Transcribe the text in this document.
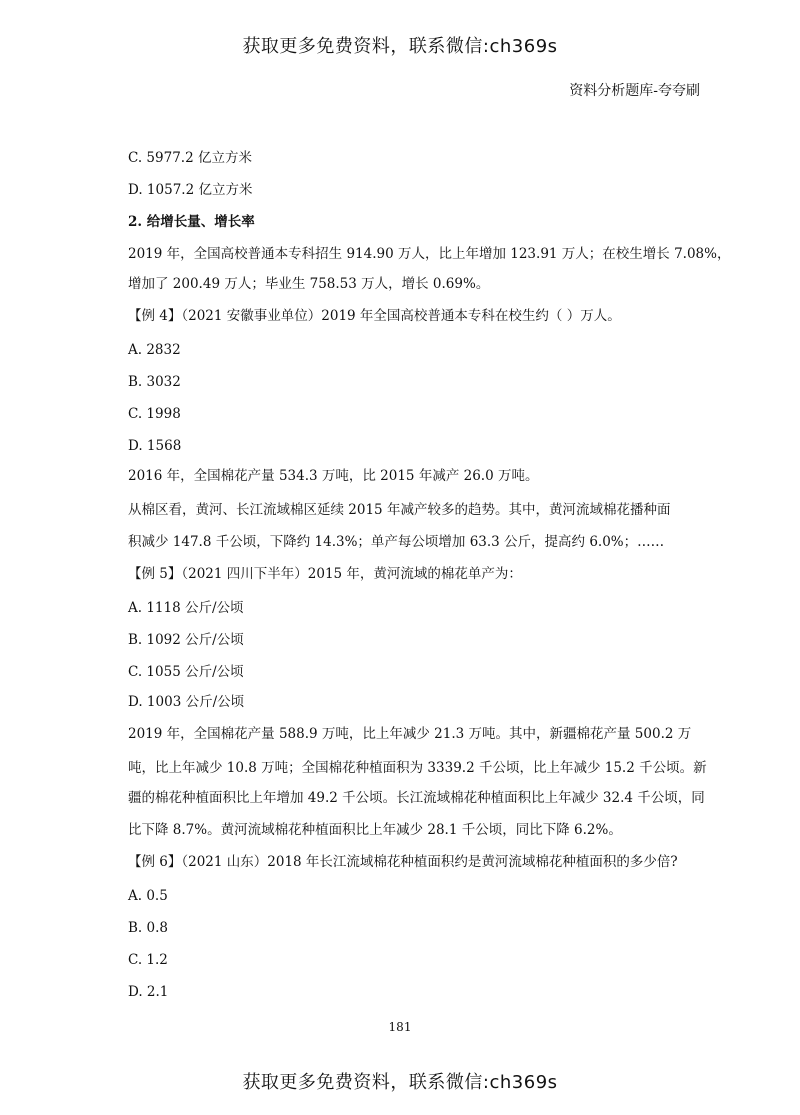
获取更多免费资料，联系微信:ch369s
资料分析题库-夸夸刷
C. 5977.2 亿立方米
D. 1057.2 亿立方米
2. 给增长量、增长率
2019 年，全国高校普通本专科招生 914.90 万人，比上年增加 123.91 万人；在校生增长 7.08%，
增加了 200.49 万人；毕业生 758.53 万人，增长 0.69%。
【例 4】（2021 安徽事业单位）2019 年全国高校普通本专科在校生约（ ）万人。
A. 2832
B. 3032
C. 1998
D. 1568
2016 年，全国棉花产量 534.3 万吨，比 2015 年减产 26.0 万吨。
从棉区看，黄河、长江流域棉区延续 2015 年减产较多的趋势。其中，黄河流域棉花播种面
积减少 147.8 千公顷，下降约 14.3%；单产每公顷增加 63.3 公斤，提高约 6.0%；……
【例 5】（2021 四川下半年）2015 年，黄河流域的棉花单产为：
A. 1118 公斤/公顷
B. 1092 公斤/公顷
C. 1055 公斤/公顷
D. 1003 公斤/公顷
2019 年，全国棉花产量 588.9 万吨，比上年减少 21.3 万吨。其中，新疆棉花产量 500.2 万
吨，比上年减少 10.8 万吨；全国棉花种植面积为 3339.2 千公顷，比上年减少 15.2 千公顷。新
疆的棉花种植面积比上年增加 49.2 千公顷。长江流域棉花种植面积比上年减少 32.4 千公顷，同
比下降 8.7%。黄河流域棉花种植面积比上年减少 28.1 千公顷，同比下降 6.2%。
【例 6】（2021 山东）2018 年长江流域棉花种植面积约是黄河流域棉花种植面积的多少倍?
A. 0.5
B. 0.8
C. 1.2
D. 2.1
181
获取更多免费资料，联系微信:ch369s
